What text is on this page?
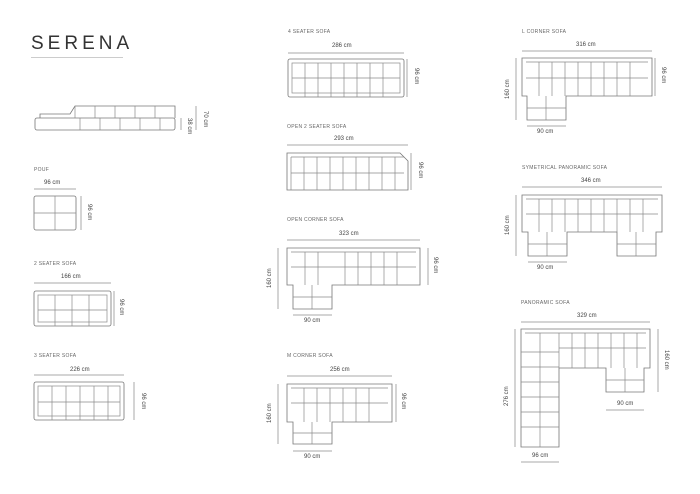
SERENA
70 cm
38 cm
POUF
96 cm
96 cm
2 SEATER SOFA
166 cm
96 cm
3 SEATER SOFA
226 cm
96 cm
4 SEATER SOFA
286 cm
96 cm
OPEN 2 SEATER SOFA
293 cm
96 cm
OPEN CORNER SOFA
323 cm
96 cm
160 cm
90 cm
M CORNER SOFA
256 cm
96 cm
160 cm
90 cm
L CORNER SOFA
316 cm
96 cm
160 cm
90 cm
SYMETRICAL PANORAMIC SOFA
346 cm
160 cm
90 cm
PANORAMIC SOFA
329 cm
160 cm
276 cm	90 cm
96 cm
